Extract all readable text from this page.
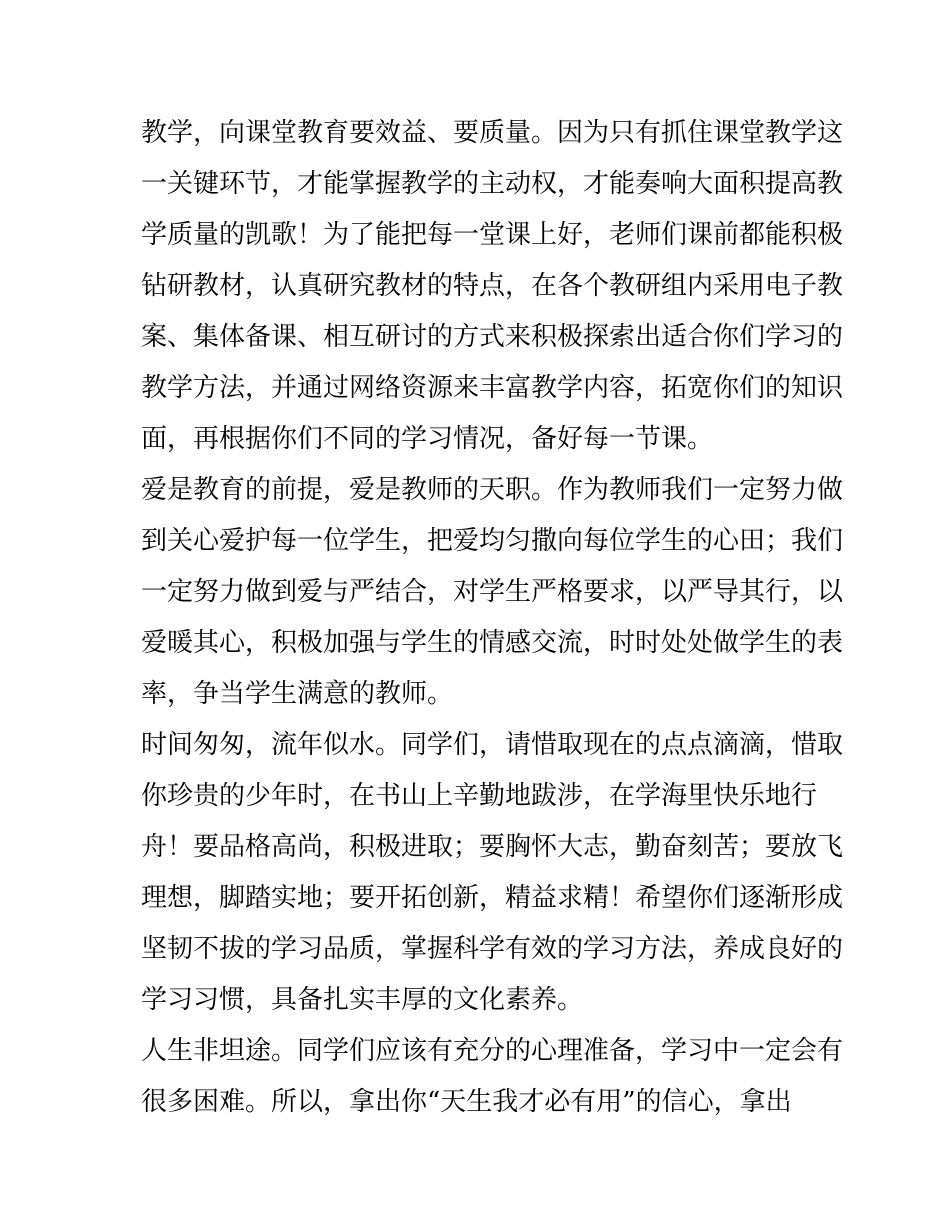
教学，向课堂教育要效益、要质量。因为只有抓住课堂教学这
一关键环节，才能掌握教学的主动权，才能奏响大面积提高教
学质量的凯歌！为了能把每一堂课上好，老师们课前都能积极
钻研教材，认真研究教材的特点，在各个教研组内采用电子教
案、集体备课、相互研讨的方式来积极探索出适合你们学习的
教学方法，并通过网络资源来丰富教学内容，拓宽你们的知识
面，再根据你们不同的学习情况，备好每一节课。
爱是教育的前提，爱是教师的天职。作为教师我们一定努力做
到关心爱护每一位学生，把爱均匀撒向每位学生的心田；我们
一定努力做到爱与严结合，对学生严格要求，以严导其行，以
爱暖其心，积极加强与学生的情感交流，时时处处做学生的表
率，争当学生满意的教师。
时间匆匆，流年似水。同学们，请惜取现在的点点滴滴，惜取
你珍贵的少年时，在书山上辛勤地跋涉，在学海里快乐地行
舟！要品格高尚，积极进取；要胸怀大志，勤奋刻苦；要放飞
理想，脚踏实地；要开拓创新，精益求精！希望你们逐渐形成
坚韧不拔的学习品质，掌握科学有效的学习方法，养成良好的
学习习惯，具备扎实丰厚的文化素养。
人生非坦途。同学们应该有充分的心理准备，学习中一定会有
很多困难。所以，拿出你“天生我才必有用”的信心，拿出
